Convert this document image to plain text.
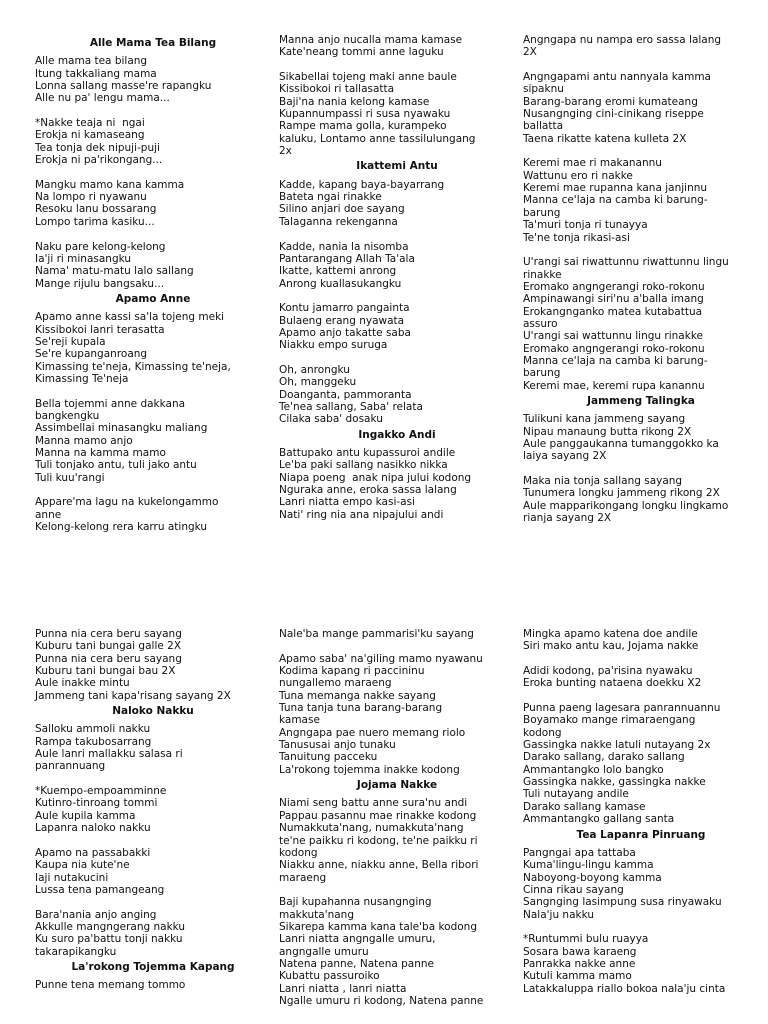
Alle Mama Tea Bilang
Alle mama tea bilang
Itung takkaliang mama
Lonna sallang masse're rapangku
Alle nu pa' lengu mama...
*Nakke teaja ni  ngai
Erokja ni kamaseang
Tea tonja dek nipuji-puji
Erokja ni pa'rikongang...
Mangku mamo kana kamma
Na lompo ri nyawanu
Resoku lanu bossarang
Lompo tarima kasiku...
Naku pare kelong-kelong
Ia'ji ri minasangku
Nama' matu-matu lalo sallang
Mange rijulu bangsaku...
Apamo Anne
Apamo anne kassi sa'la tojeng meki
Kissibokoi lanri terasatta
Se'reji kupala
Se're kupanganroang
Kimassing te'neja, Kimassing te'neja,
Kimassing Te'neja
Bella tojemmi anne dakkana
bangkengku
Assimbellai minasangku maliang
Manna mamo anjo
Manna na kamma mamo
Tuli tonjako antu, tuli jako antu
Tuli kuu'rangi
Appare'ma lagu na kukelongammo
anne
Kelong-kelong rera karru atingku
Manna anjo nucalla mama kamase
Kate'neang tommi anne laguku
Sikabellai tojeng maki anne baule
Kissibokoi ri tallasatta
Baji'na nania kelong kamase
Kupannumpassi ri susa nyawaku
Rampe mama golla, kurampeko
kaluku, Lontamo anne tassilulungang
2x
Ikattemi Antu
Kadde, kapang baya-bayarrang
Bateta ngai rinakke
Silino anjari doe sayang
Talaganna rekenganna
Kadde, nania la nisomba
Pantarangang Allah Ta'ala
Ikatte, kattemi anrong
Anrong kuallasukangku
Kontu jamarro pangainta
Bulaeng erang nyawata
Apamo anjo takatte saba
Niakku empo suruga
Oh, anrongku
Oh, manggeku
Doanganta, pammoranta
Te'nea sallang, Saba' relata
Cilaka saba' dosaku
Ingakko Andi
Battupako antu kupassuroi andile
Le'ba paki sallang nasikko nikka
Niapa poeng  anak nipa jului kodong
Nguraka anne, eroka sassa lalang
Lanri niatta empo kasi-asi
Nati' ring nia ana nipajului andi
Angngapa nu nampa ero sassa lalang
2X
Angngapami antu nannyala kamma
sipaknu
Barang-barang eromi kumateang
Nusangnging cini-cinikang riseppe
ballatta
Taena rikatte katena kulleta 2X
Keremi mae ri makanannu
Wattunu ero ri nakke
Keremi mae rupanna kana janjinnu
Manna ce'laja na camba ki barung-
barung
Ta'muri tonja ri tunayya
Te'ne tonja rikasi-asi
U'rangi sai riwattunnu riwattunnu lingu
rinakke
Eromako angngerangi roko-rokonu
Ampinawangi siri'nu a'balla imang
Erokangnganko matea kutabattua
assuro
U'rangi sai wattunnu lingu rinakke
Eromako angngerangi roko-rokonu
Manna ce'laja na camba ki barung-
barung
Keremi mae, keremi rupa kanannu
Jammeng Talingka
Tulikuni kana jammeng sayang
Nipau manaung butta rikong 2X
Aule panggaukanna tumanggokko ka
laiya sayang 2X
Maka nia tonja sallang sayang
Tunumera longku jammeng rikong 2X
Aule mapparikongang longku lingkamo
rianja sayang 2X
Punna nia cera beru sayang
Kuburu tani bungai galle 2X
Punna nia cera beru sayang
Kuburu tani bungai bau 2X
Aule inakke mintu
Jammeng tani kapa'risang sayang 2X
Naloko Nakku
Salloku ammoli nakku
Rampa takubosarrang
Aule lanri mallakku salasa ri
panrannuang
*Kuempo-empoamminne
Kutinro-tinroang tommi
Aule kupila kamma
Lapanra naloko nakku
Apamo na passabakki
Kaupa nia kute'ne
Iaji nutakucini
Lussa tena pamangeang
Bara'nania anjo anging
Akkulle mangngerang nakku
Ku suro pa'battu tonji nakku
takarapikangku
La'rokong Tojemma Kapang
Punne tena memang tommo
Nale'ba mange pammarisi'ku sayang
Apamo saba' na'giling mamo nyawanu
Kodima kapang ri paccininu
nungallemo maraeng
Tuna memanga nakke sayang
Tuna tanja tuna barang-barang
kamase
Angngapa pae nuero memang riolo
Tanususai anjo tunaku
Tanuitung pacceku
La'rokong tojemma inakke kodong
Jojama Nakke
Niami seng battu anne sura'nu andi
Pappau pasannu mae rinakke kodong
Numakkuta'nang, numakkuta'nang
te'ne paikku ri kodong, te'ne paikku ri
kodong
Niakku anne, niakku anne, Bella ribori
maraeng
Baji kupahanna nusangnging
makkuta'nang
Sikarepa kamma kana tale'ba kodong
Lanri niatta angngalle umuru,
angngalle umuru
Natena panne, Natena panne
Kubattu passuroiko
Lanri niatta , lanri niatta
Ngalle umuru ri kodong, Natena panne
Mingka apamo katena doe andile
Siri mako antu kau, Jojama nakke
Adidi kodong, pa'risina nyawaku
Eroka bunting nataena doekku X2
Punna paeng lagesara panrannuannu
Boyamako mange rimaraengang
kodong
Gassingka nakke latuli nutayang 2x
Darako sallang, darako sallang
Ammantangko lolo bangko
Gassingka nakke, gassingka nakke
Tuli nutayang andile
Darako sallang kamase
Ammantangko gallang santa
Tea Lapanra Pinruang
Pangngai apa tattaba
Kuma'lingu-lingu kamma
Naboyong-boyong kamma
Cinna rikau sayang
Sangnging lasimpung susa rinyawaku
Nala'ju nakku
*Runtummi bulu ruayya
Sosara bawa karaeng
Panrakka nakke anne
Kutuli kamma mamo
Latakkaluppa riallo bokoa nala'ju cinta
